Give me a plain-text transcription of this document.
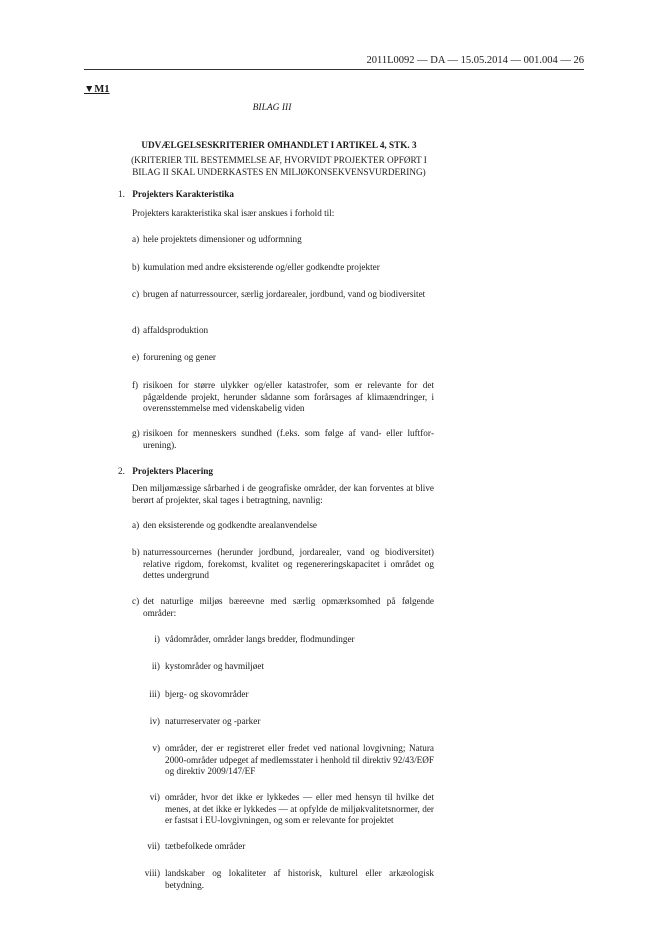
2011L0092 — DA — 15.05.2014 — 001.004 — 26
▼M1
BILAG III
UDVÆLGELSESKRITERIER OMHANDLET I ARTIKEL 4, STK. 3
(KRITERIER TIL BESTEMMELSE AF, HVORVIDT PROJEKTER OPFØRT I BILAG II SKAL UNDERKASTES EN MILJØKONSEKVENSVURDERING)
1. Projekters Karakteristika
Projekters karakteristika skal især anskues i forhold til:
a) hele projektets dimensioner og udformning
b) kumulation med andre eksisterende og/eller godkendte projekter
c) brugen af naturressourcer, særlig jordarealer, jordbund, vand og biodiversitet
d) affaldsproduktion
e) forurening og gener
f) risikoen for større ulykker og/eller katastrofer, som er relevante for det pågældende projekt, herunder sådanne som forårsages af klimaændringer, i overensstemmelse med videnskabelig viden
g) risikoen for menneskers sundhed (f.eks. som følge af vand- eller luftforurening).
2. Projekters Placering
Den miljømæssige sårbarhed i de geografiske områder, der kan forventes at blive berørt af projekter, skal tages i betragtning, navnlig:
a) den eksisterende og godkendte arealanvendelse
b) naturressourcernes (herunder jordbund, jordarealer, vand og biodiversitet) relative rigdom, forekomst, kvalitet og regenereringskapacitet i området og dettes undergrund
c) det naturlige miljøs bæreevne med særlig opmærksomhed på følgende områder:
i) vådområder, områder langs bredder, flodmundinger
ii) kystområder og havmiljøet
iii) bjerg- og skovområder
iv) naturreservater og -parker
v) områder, der er registreret eller fredet ved national lovgivning; Natura 2000-områder udpeget af medlemsstater i henhold til direktiv 92/43/EØF og direktiv 2009/147/EF
vi) områder, hvor det ikke er lykkedes — eller med hensyn til hvilke det menes, at det ikke er lykkedes — at opfylde de miljøkvalitetsnormer, der er fastsat i EU-lovgivningen, og som er relevante for projektet
vii) tætbefolkede områder
viii) landskaber og lokaliteter af historisk, kulturel eller arkæologisk betydning.
